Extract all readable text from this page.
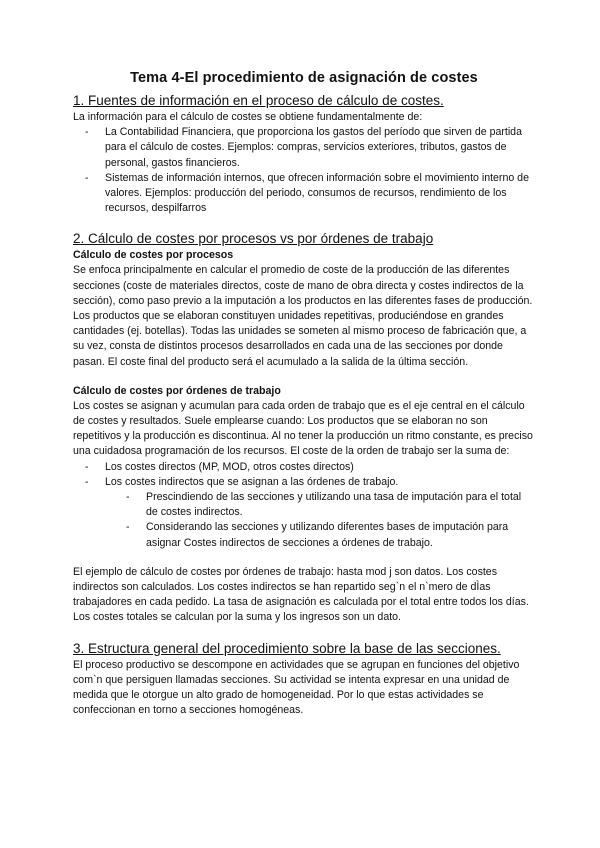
Tema 4-El procedimiento de asignación de costes
1. Fuentes de información en el proceso de cálculo de costes.

La información para el cálculo de costes se obtiene fundamentalmente de:

- La Contabilidad Financiera, que proporciona los gastos del período que sirven de partida para el cálculo de costes. Ejemplos: compras, servicios exteriores, tributos, gastos de personal, gastos financieros.
- Sistemas de información internos, que ofrecen información sobre el movimiento interno de valores. Ejemplos: producción del periodo, consumos de recursos, rendimiento de los recursos, despilfarros
2. Cálculo de costes por procesos vs por órdenes de trabajo
Cálculo de costes por procesos

Se enfoca principalmente en calcular el promedio de coste de la producción de las diferentes secciones (coste de materiales directos, coste de mano de obra directa y costes indirectos de la sección), como paso previo a la imputación a los productos en las diferentes fases de producción. Los productos que se elaboran constituyen unidades repetitivas, produciéndose en grandes cantidades (ej. botellas). Todas las unidades se someten al mismo proceso de fabricación que, a su vez, consta de distintos procesos desarrollados en cada una de las secciones por donde pasan. El coste final del producto será el acumulado a la salida de la última sección.

Cálculo de costes por órdenes de trabajo

Los costes se asignan y acumulan para cada orden de trabajo que es el eje central en el cálculo de costes y resultados. Suele emplearse cuando: Los productos que se elaboran no son repetitivos y la producción es discontinua. Al no tener la producción un ritmo constante, es preciso una cuidadosa programación de los recursos. El coste de la orden de trabajo ser la suma de:

- Los costes directos (MP, MOD, otros costes directos)
- Los costes indirectos que se asignan a las órdenes de trabajo.
- Prescindiendo de las secciones y utilizando una tasa de imputación para el total de costes indirectos.
- Considerando las secciones y utilizando diferentes bases de imputación para asignar Costes indirectos de secciones a órdenes de trabajo.

El ejemplo de cálculo de costes por órdenes de trabajo: hasta mod j son datos. Los costes indirectos son calculados. Los costes indirectos se han repartido seg`n el n`mero de dÌas trabajadores en cada pedido. La tasa de asignación es calculada por el total entre todos los días. Los costes totales se calculan por la suma y los ingresos son un dato.

3. Estructura general del procedimiento sobre la base de las secciones.

El proceso productivo se descompone en actividades que se agrupan en funciones del objetivo com`n que persiguen llamadas secciones. Su actividad se intenta expresar en una unidad de medida que le otorgue un alto grado de homogeneidad. Por lo que estas actividades se confeccionan en torno a secciones homogéneas.
